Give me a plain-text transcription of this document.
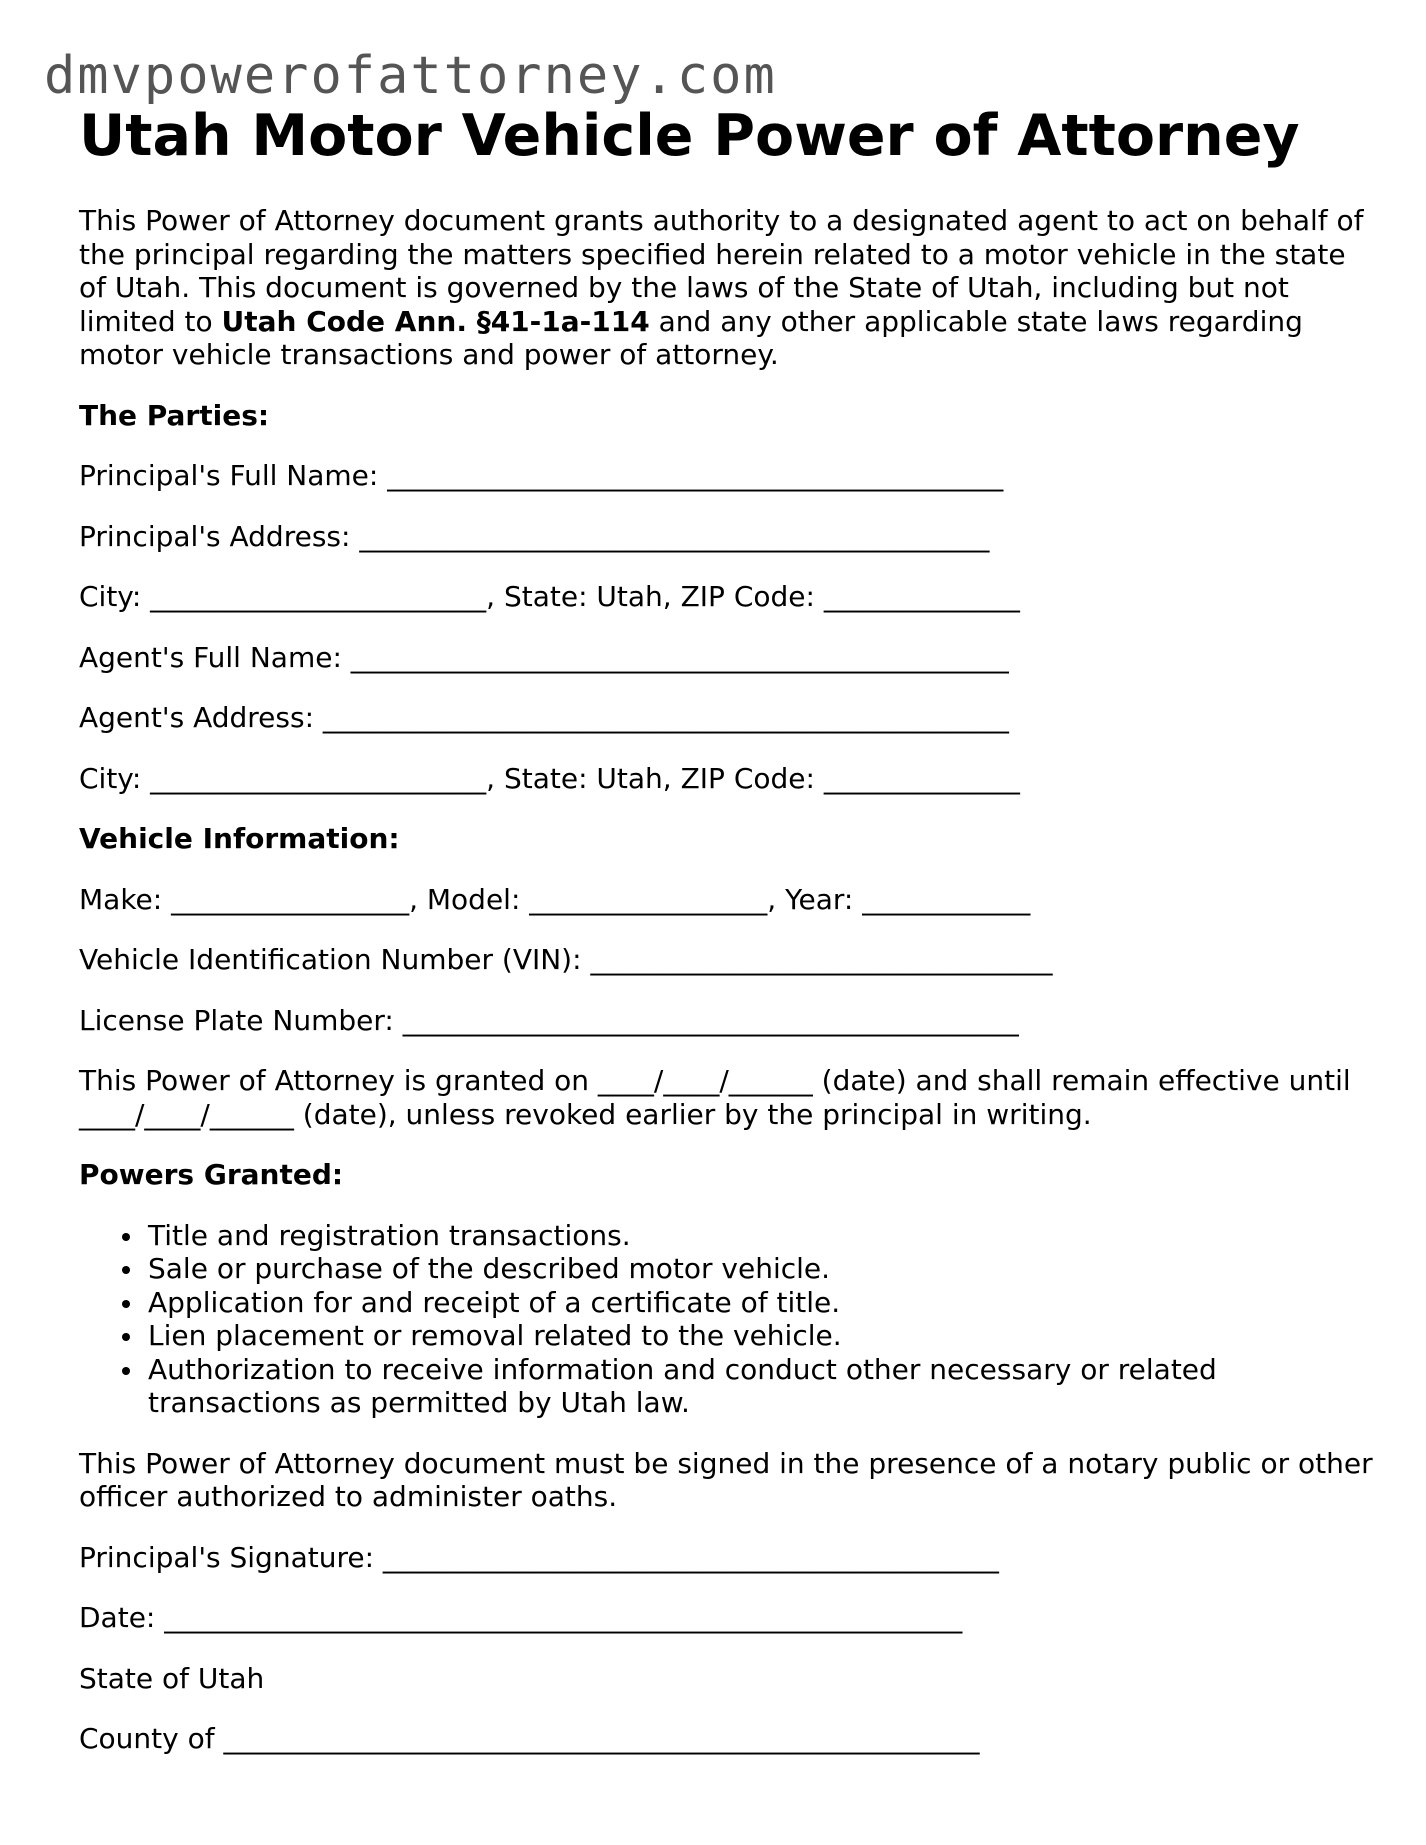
dmvpowerofattorney.com
Utah Motor Vehicle Power of Attorney

This Power of Attorney document grants authority to a designated agent to act on behalf of the principal regarding the matters specified herein related to a motor vehicle in the state of Utah. This document is governed by the laws of the State of Utah, including but not limited to Utah Code Ann. §41-1a-114 and any other applicable state laws regarding motor vehicle transactions and power of attorney.

The Parties:

Principal's Full Name: ____________________________________________

Principal's Address: _____________________________________________

City: ________________________, State: Utah, ZIP Code: ______________

Agent's Full Name: _______________________________________________

Agent's Address: _________________________________________________

City: ________________________, State: Utah, ZIP Code: ______________

Vehicle Information:

Make: _________________, Model: _________________, Year: ____________

Vehicle Identification Number (VIN): _________________________________

License Plate Number: ____________________________________________

This Power of Attorney is granted on ____/____/______ (date) and shall remain effective until ____/____/______ (date), unless revoked earlier by the principal in writing.

Powers Granted:

Title and registration transactions.
Sale or purchase of the described motor vehicle.
Application for and receipt of a certificate of title.
Lien placement or removal related to the vehicle.
Authorization to receive information and conduct other necessary or related transactions as permitted by Utah law.

This Power of Attorney document must be signed in the presence of a notary public or other officer authorized to administer oaths.

Principal's Signature: ____________________________________________

Date: _________________________________________________________

State of Utah

County of ______________________________________________________
